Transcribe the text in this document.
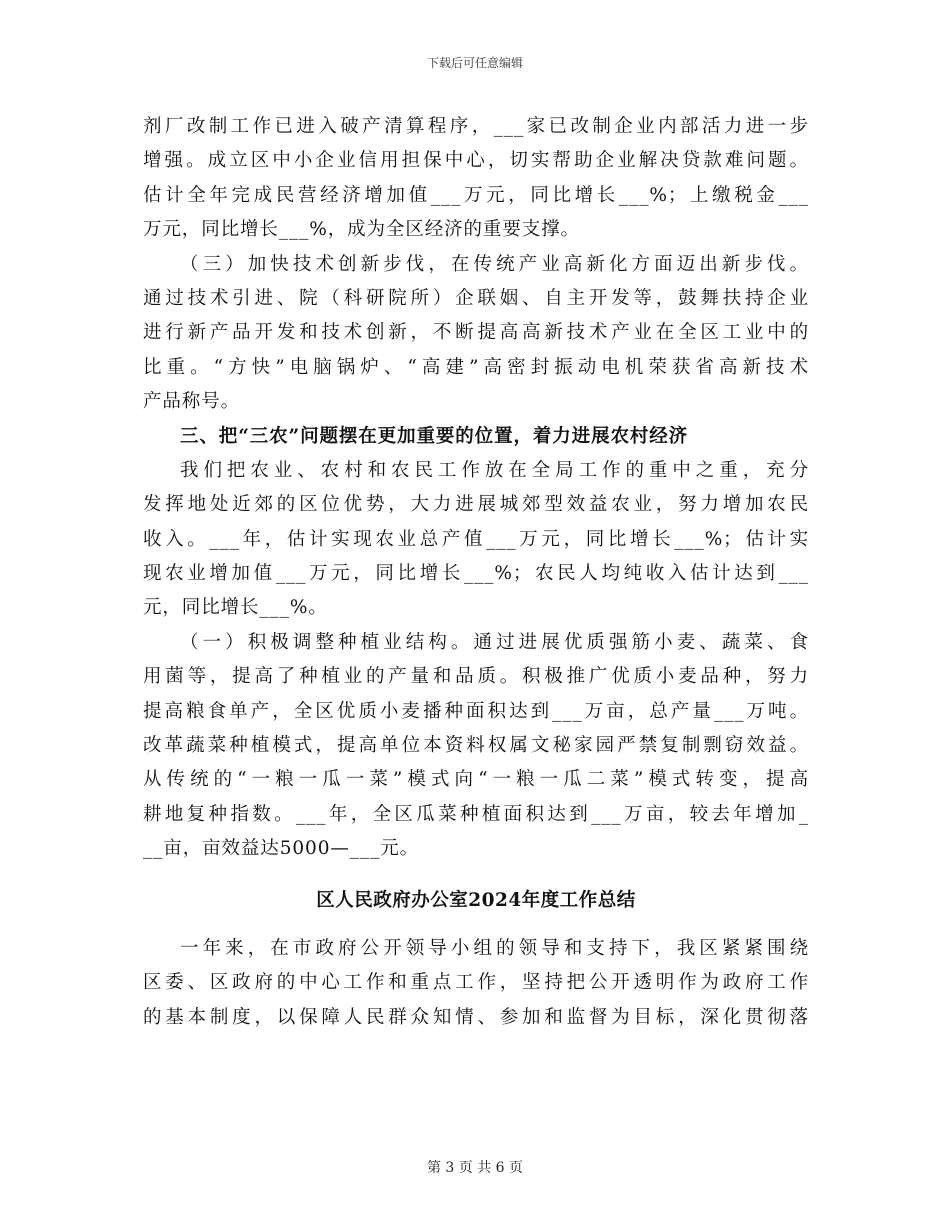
下载后可任意编辑
剂厂改制工作已进入破产清算程序，___家已改制企业内部活力进一步
增强。成立区中小企业信用担保中心，切实帮助企业解决贷款难问题。
估计全年完成民营经济增加值___万元，同比增长___%；上缴税金___
万元，同比增长___%，成为全区经济的重要支撑。
（三）加快技术创新步伐，在传统产业高新化方面迈出新步伐。
通过技术引进、院（科研院所）企联姻、自主开发等，鼓舞扶持企业
进行新产品开发和技术创新，不断提高高新技术产业在全区工业中的
比重。“方快”电脑锅炉、“高建”高密封振动电机荣获省高新技术
产品称号。
三、把“三农”问题摆在更加重要的位置，着力进展农村经济
我们把农业、农村和农民工作放在全局工作的重中之重，充分
发挥地处近郊的区位优势，大力进展城郊型效益农业，努力增加农民
收入。___年，估计实现农业总产值___万元，同比增长___%；估计实
现农业增加值___万元，同比增长___%；农民人均纯收入估计达到___
元，同比增长___%。
（一）积极调整种植业结构。通过进展优质强筋小麦、蔬菜、食
用菌等，提高了种植业的产量和品质。积极推广优质小麦品种，努力
提高粮食单产，全区优质小麦播种面积达到___万亩，总产量___万吨。
改革蔬菜种植模式，提高单位本资料权属文秘家园严禁复制剽窃效益。
从传统的“一粮一瓜一菜”模式向“一粮一瓜二菜”模式转变，提高
耕地复种指数。___年，全区瓜菜种植面积达到___万亩，较去年增加_
__亩，亩效益达5000—___元。
区人民政府办公室2024年度工作总结
一年来，在市政府公开领导小组的领导和支持下，我区紧紧围绕
区委、区政府的中心工作和重点工作，坚持把公开透明作为政府工作
的基本制度，以保障人民群众知情、参加和监督为目标，深化贯彻落
第 3 页 共 6 页
